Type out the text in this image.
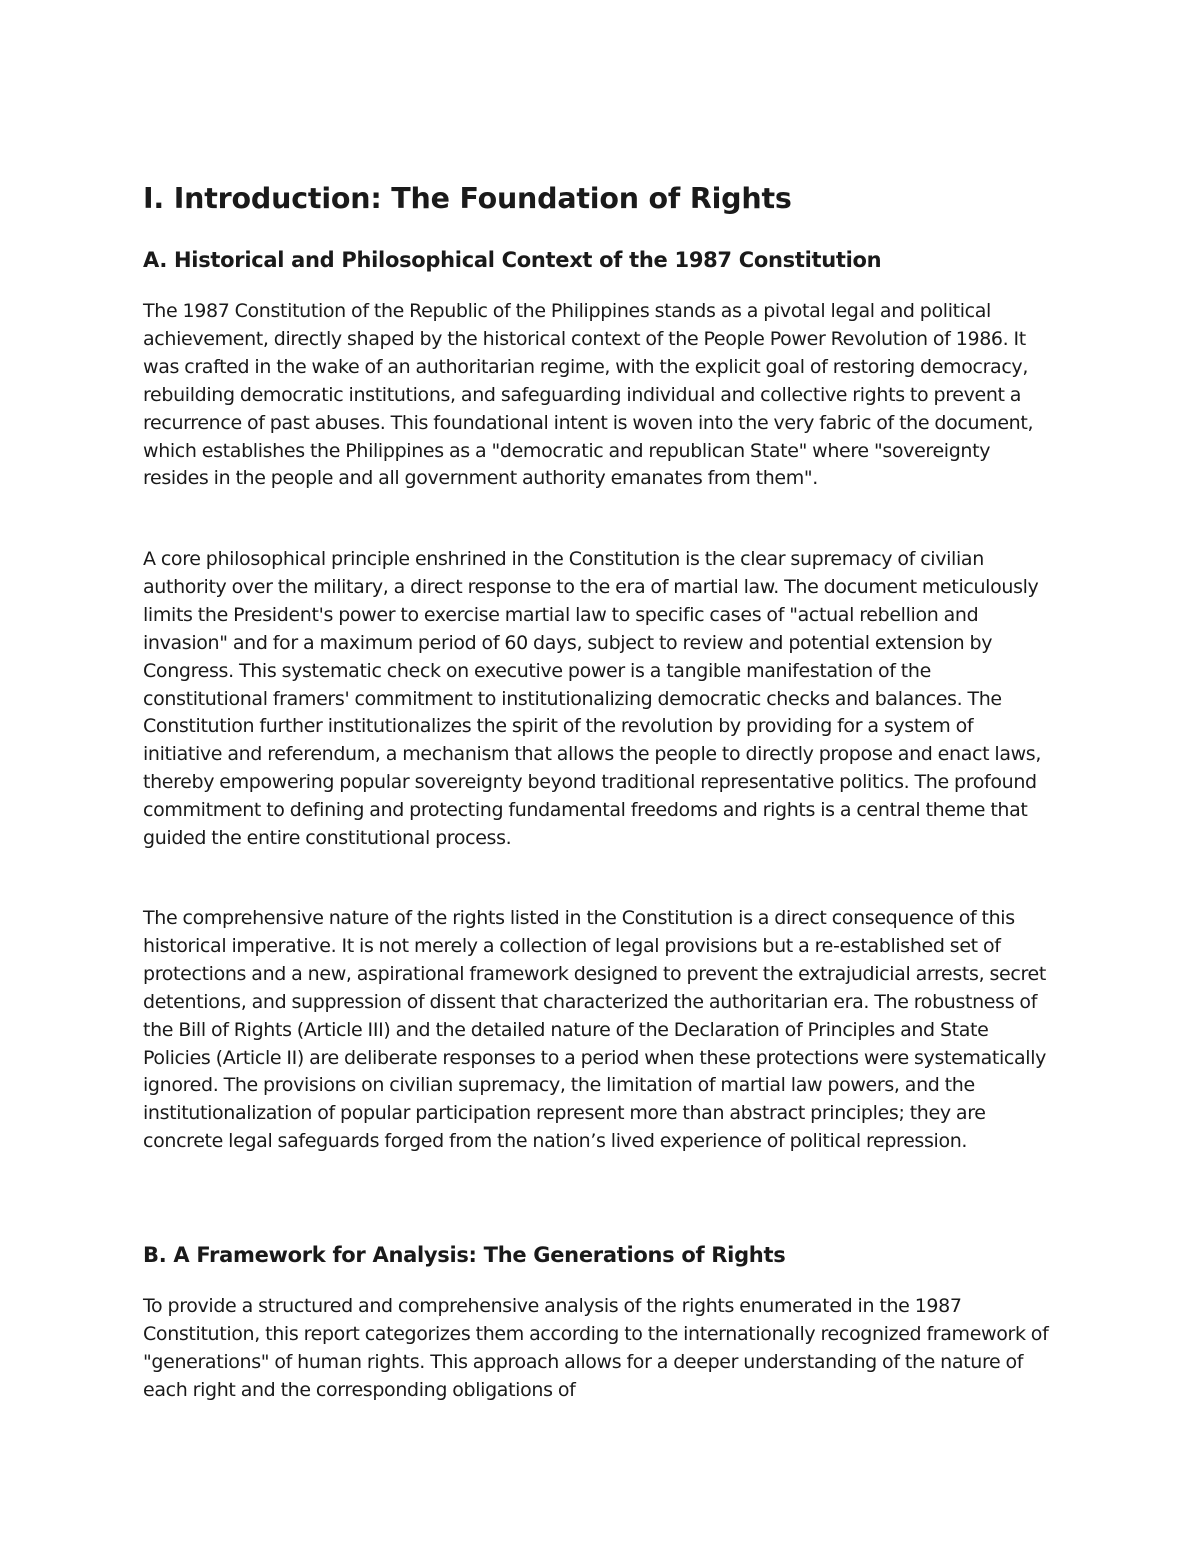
I. Introduction: The Foundation of Rights
A. Historical and Philosophical Context of the 1987 Constitution

The 1987 Constitution of the Republic of the Philippines stands as a pivotal legal and political achievement, directly shaped by the historical context of the People Power Revolution of 1986. It was crafted in the wake of an authoritarian regime, with the explicit goal of restoring democracy, rebuilding democratic institutions, and safeguarding individual and collective rights to prevent a recurrence of past abuses. This foundational intent is woven into the very fabric of the document, which establishes the Philippines as a "democratic and republican State" where "sovereignty resides in the people and all government authority emanates from them".

A core philosophical principle enshrined in the Constitution is the clear supremacy of civilian authority over the military, a direct response to the era of martial law. The document meticulously limits the President's power to exercise martial law to specific cases of "actual rebellion and invasion" and for a maximum period of 60 days, subject to review and potential extension by Congress. This systematic check on executive power is a tangible manifestation of the constitutional framers' commitment to institutionalizing democratic checks and balances. The Constitution further institutionalizes the spirit of the revolution by providing for a system of initiative and referendum, a mechanism that allows the people to directly propose and enact laws, thereby empowering popular sovereignty beyond traditional representative politics. The profound commitment to defining and protecting fundamental freedoms and rights is a central theme that guided the entire constitutional process.

The comprehensive nature of the rights listed in the Constitution is a direct consequence of this historical imperative. It is not merely a collection of legal provisions but a re-established set of protections and a new, aspirational framework designed to prevent the extrajudicial arrests, secret detentions, and suppression of dissent that characterized the authoritarian era. The robustness of the Bill of Rights (Article III) and the detailed nature of the Declaration of Principles and State Policies (Article II) are deliberate responses to a period when these protections were systematically ignored. The provisions on civilian supremacy, the limitation of martial law powers, and the institutionalization of popular participation represent more than abstract principles; they are concrete legal safeguards forged from the nation’s lived experience of political repression.

B. A Framework for Analysis: The Generations of Rights

To provide a structured and comprehensive analysis of the rights enumerated in the 1987 Constitution, this report categorizes them according to the internationally recognized framework of "generations" of human rights. This approach allows for a deeper understanding of the nature of each right and the corresponding obligations of
